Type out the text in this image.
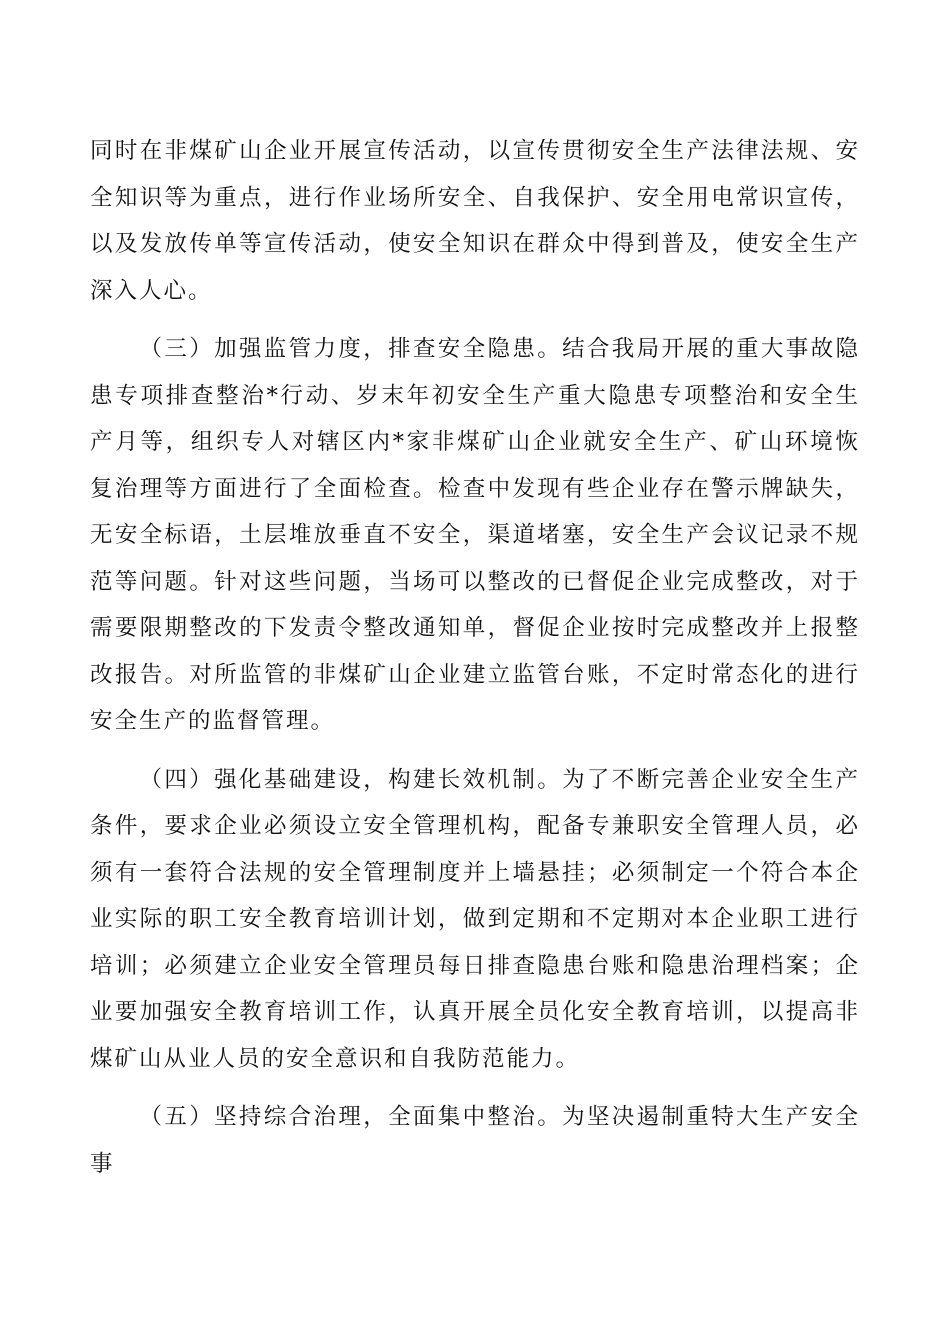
同时在非煤矿山企业开展宣传活动，以宣传贯彻安全生产法律法规、安全知识等为重点，进行作业场所安全、自我保护、安全用电常识宣传，以及发放传单等宣传活动，使安全知识在群众中得到普及，使安全生产深入人心。

（三）加强监管力度，排查安全隐患。结合我局开展的重大事故隐患专项排查整治*行动、岁末年初安全生产重大隐患专项整治和安全生产月等，组织专人对辖区内*家非煤矿山企业就安全生产、矿山环境恢复治理等方面进行了全面检查。检查中发现有些企业存在警示牌缺失，无安全标语，土层堆放垂直不安全，渠道堵塞，安全生产会议记录不规范等问题。针对这些问题，当场可以整改的已督促企业完成整改，对于需要限期整改的下发责令整改通知单，督促企业按时完成整改并上报整改报告。对所监管的非煤矿山企业建立监管台账，不定时常态化的进行安全生产的监督管理。

（四）强化基础建设，构建长效机制。为了不断完善企业安全生产条件，要求企业必须设立安全管理机构，配备专兼职安全管理人员，必须有一套符合法规的安全管理制度并上墙悬挂；必须制定一个符合本企业实际的职工安全教育培训计划，做到定期和不定期对本企业职工进行培训；必须建立企业安全管理员每日排查隐患台账和隐患治理档案；企业要加强安全教育培训工作，认真开展全员化安全教育培训，以提高非煤矿山从业人员的安全意识和自我防范能力。

（五）坚持综合治理，全面集中整治。为坚决遏制重特大生产安全事
